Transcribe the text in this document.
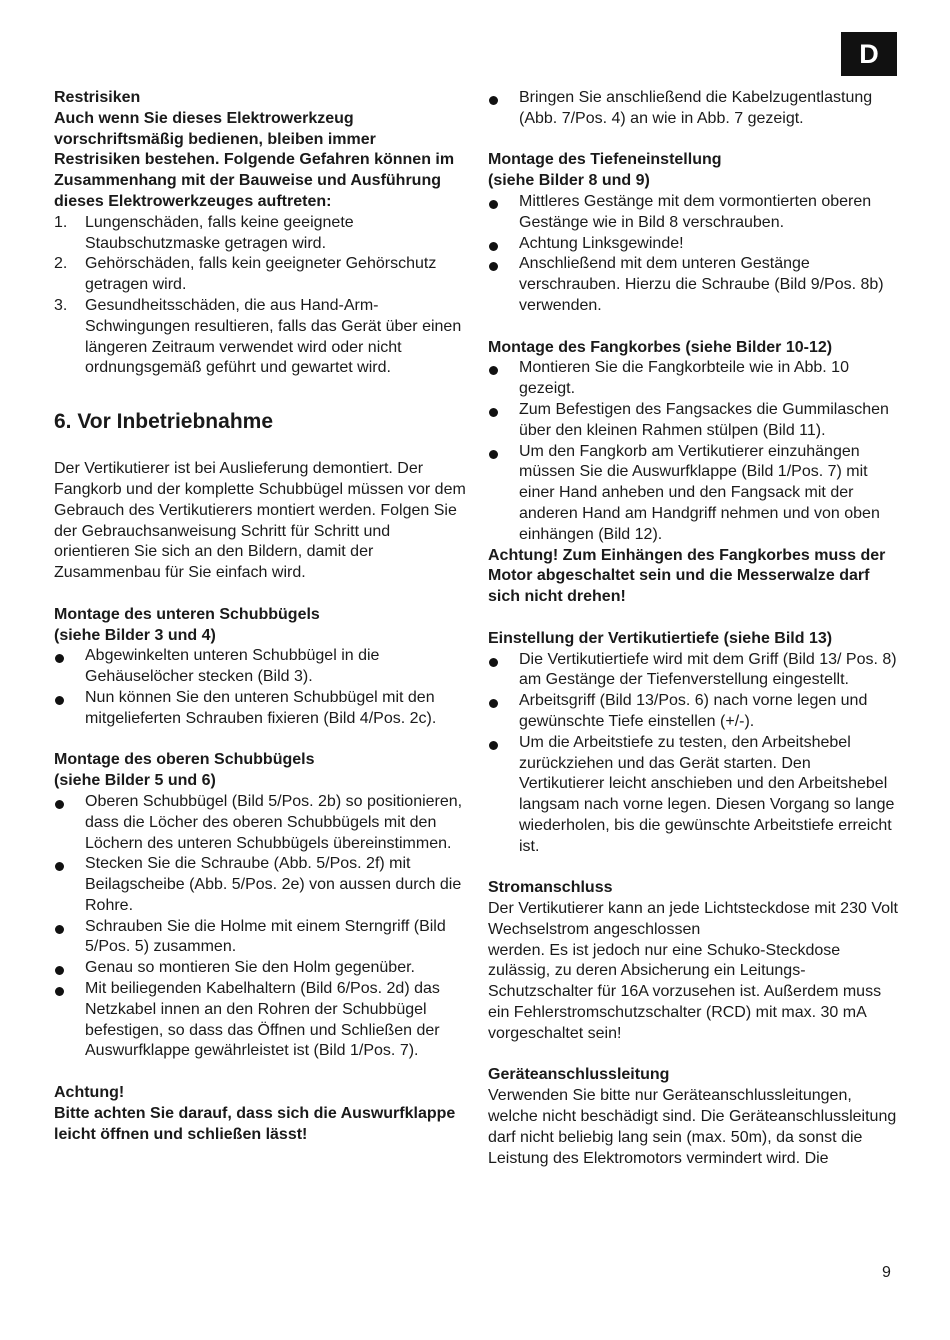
D

Restrisiken

Auch wenn Sie dieses Elektrowerkzeug vorschriftsmäßig bedienen, bleiben immer Restrisiken bestehen. Folgende Gefahren können im Zusammenhang mit der Bauweise und Ausführung dieses Elektrowerkzeuges auftreten:

1. Lungenschäden, falls keine geeignete Staubschutzmaske getragen wird.
2. Gehörschäden, falls kein geeigneter Gehörschutz getragen wird.
3. Gesundheitsschäden, die aus Hand-Arm-Schwingungen resultieren, falls das Gerät über einen längeren Zeitraum verwendet wird oder nicht ordnungsgemäß geführt und gewartet wird.
6. Vor Inbetriebnahme

Der Vertikutierer ist bei Auslieferung demontiert. Der Fangkorb und der komplette Schubbügel müssen vor dem Gebrauch des Vertikutierers montiert werden. Folgen Sie der Gebrauchsanweisung Schritt für Schritt und orientieren Sie sich an den Bildern, damit der Zusammenbau für Sie einfach wird.

Montage des unteren Schubbügels

(siehe Bilder 3 und 4)

Abgewinkelten unteren Schubbügel in die Gehäuselöcher stecken (Bild 3).
Nun können Sie den unteren Schubbügel mit den mitgelieferten Schrauben fixieren (Bild 4/Pos. 2c).

Montage des oberen Schubbügels

(siehe Bilder 5 und 6)

Oberen Schubbügel (Bild 5/Pos. 2b) so positionieren, dass die Löcher des oberen Schubbügels mit den Löchern des unteren Schubbügels übereinstimmen.
Stecken Sie die Schraube (Abb. 5/Pos. 2f) mit Beilagscheibe (Abb. 5/Pos. 2e) von aussen durch die Rohre.
Schrauben Sie die Holme mit einem Sterngriff (Bild 5/Pos. 5) zusammen.
Genau so montieren Sie den Holm gegenüber.
Mit beiliegenden Kabelhaltern (Bild 6/Pos. 2d) das Netzkabel innen an den Rohren der Schubbügel befestigen, so dass das Öffnen und Schließen der Auswurfklappe gewährleistet ist (Bild 1/Pos. 7).

Achtung!

Bitte achten Sie darauf, dass sich die Auswurfklappe leicht öffnen und schließen lässt!

Bringen Sie anschließend die Kabelzugentlastung (Abb. 7/Pos. 4) an wie in Abb. 7 gezeigt.

Montage des Tiefeneinstellung

(siehe Bilder 8 und 9)

Mittleres Gestänge mit dem vormontierten oberen Gestänge wie in Bild 8 verschrauben.
Achtung Linksgewinde!
Anschließend mit dem unteren Gestänge verschrauben. Hierzu die Schraube (Bild 9/Pos. 8b) verwenden.

Montage des Fangkorbes (siehe Bilder 10-12)

Montieren Sie die Fangkorbteile wie in Abb. 10 gezeigt.
Zum Befestigen des Fangsackes die Gummilaschen über den kleinen Rahmen stülpen (Bild 11).
Um den Fangkorb am Vertikutierer einzuhängen müssen Sie die Auswurfklappe (Bild 1/Pos. 7) mit einer Hand anheben und den Fangsack mit der anderen Hand am Handgriff nehmen und von oben einhängen (Bild 12).

Achtung! Zum Einhängen des Fangkorbes muss der Motor abgeschaltet sein und die Messerwalze darf sich nicht drehen!

Einstellung der Vertikutiertiefe (siehe Bild 13)

Die Vertikutiertiefe wird mit dem Griff (Bild 13/ Pos. 8) am Gestänge der Tiefenverstellung eingestellt.
Arbeitsgriff (Bild 13/Pos. 6) nach vorne legen und gewünschte Tiefe einstellen (+/-).
Um die Arbeitstiefe zu testen, den Arbeitshebel zurückziehen und das Gerät starten. Den Vertikutierer leicht anschieben und den Arbeitshebel langsam nach vorne legen. Diesen Vorgang so lange wiederholen, bis die gewünschte Arbeitstiefe erreicht ist.

Stromanschluss

Der Vertikutierer kann an jede Lichtsteckdose mit 230 Volt Wechselstrom angeschlossen

werden. Es ist jedoch nur eine Schuko-Steckdose zulässig, zu deren Absicherung ein Leitungs-Schutzschalter für 16A vorzusehen ist. Außerdem muss ein Fehlerstromschutzschalter (RCD) mit max. 30 mA vorgeschaltet sein!

Geräteanschlussleitung

Verwenden Sie bitte nur Geräteanschlussleitungen, welche nicht beschädigt sind. Die Geräteanschlussleitung darf nicht beliebig lang sein (max. 50m), da sonst die Leistung des Elektromotors vermindert wird. Die

9
